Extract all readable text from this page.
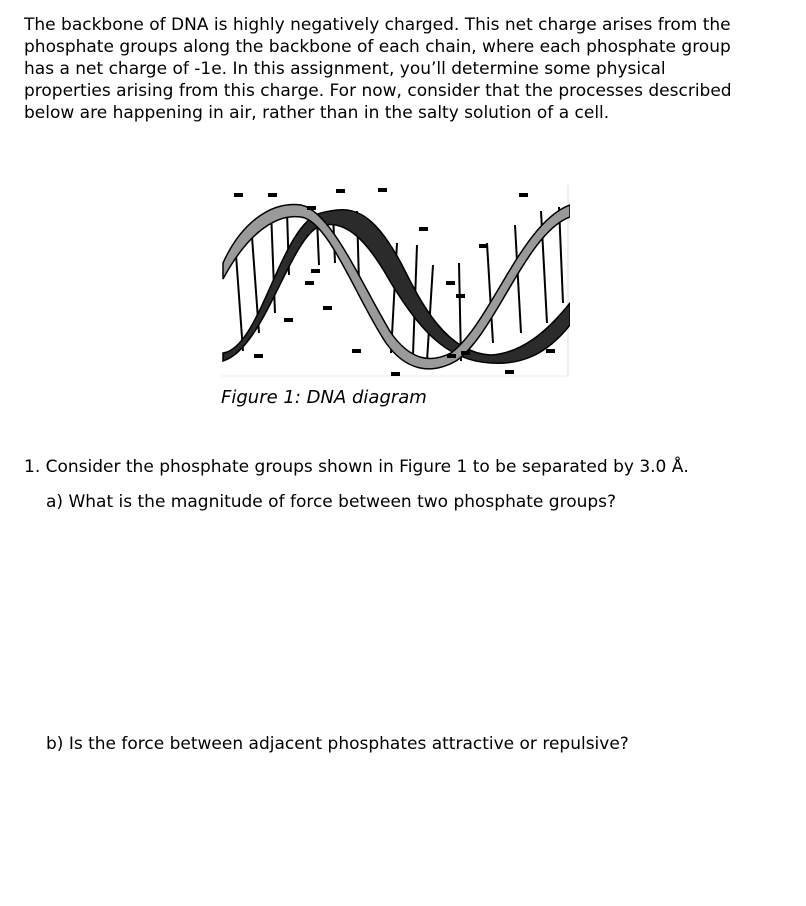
The backbone of DNA is highly negatively charged. This net charge arises from the
phosphate groups along the backbone of each chain, where each phosphate group
has a net charge of -1e. In this assignment, you’ll determine some physical
properties arising from this charge. For now, consider that the processes described
below are happening in air, rather than in the salty solution of a cell.
Figure 1: DNA diagram
1. Consider the phosphate groups shown in Figure 1 to be separated by 3.0 Å.
a) What is the magnitude of force between two phosphate groups?
b) Is the force between adjacent phosphates attractive or repulsive?
